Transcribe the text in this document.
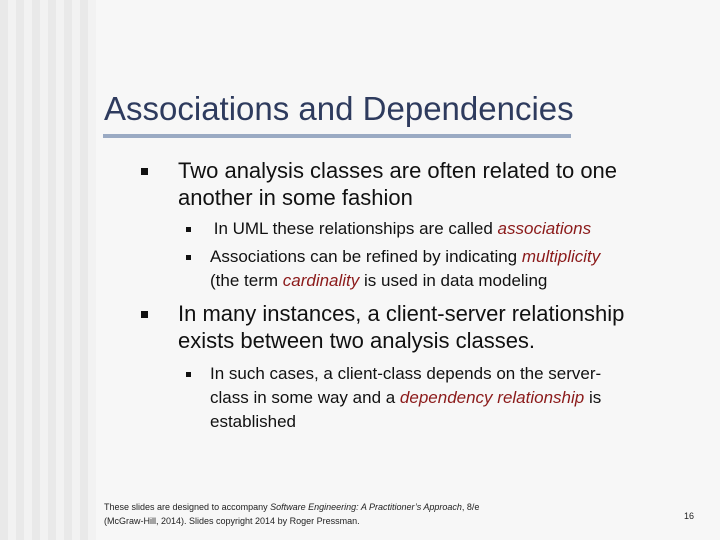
Associations and Dependencies

Two analysis classes are often related to one
another in some fashion

In UML these relationships are called associations

Associations can be refined by indicating multiplicity
(the term cardinality is used in data modeling

In many instances, a client-server relationship
exists between two analysis classes.

In such cases, a client-class depends on the server-
class in some way and a dependency relationship is
established

These slides are designed to accompany Software Engineering: A Practitioner’s Approach, 8/e
(McGraw-Hill, 2014). Slides copyright 2014 by Roger Pressman.	16
